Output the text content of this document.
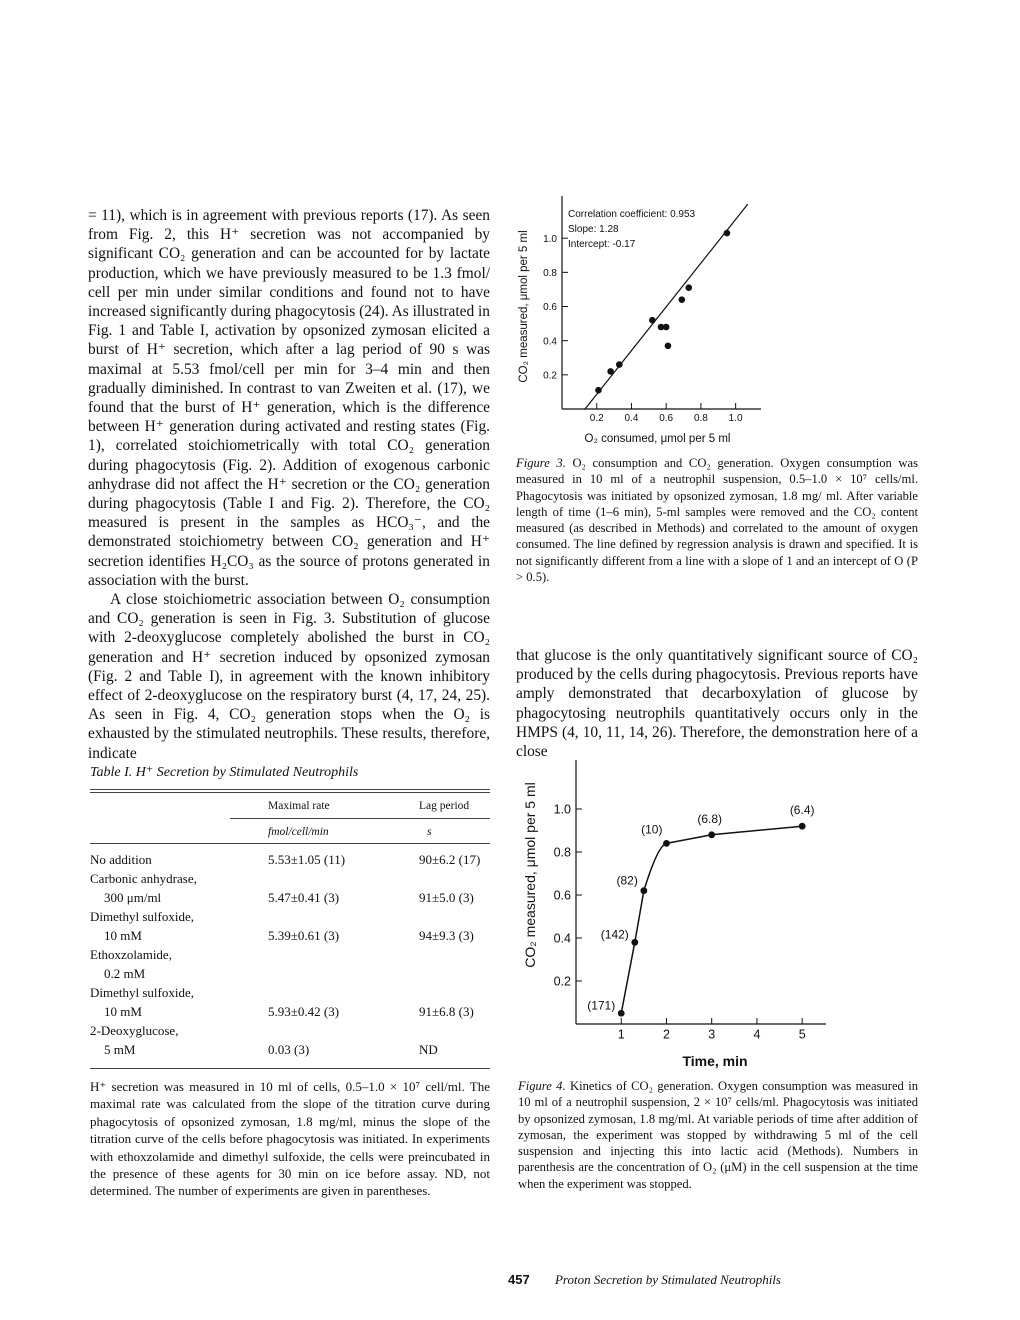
= 11), which is in agreement with previous reports (17). As seen from Fig. 2, this H⁺ secretion was not accompanied by significant CO₂ generation and can be accounted for by lactate production, which we have previously measured to be 1.3 fmol/ cell per min under similar conditions and found not to have increased significantly during phagocytosis (24). As illustrated in Fig. 1 and Table I, activation by opsonized zymosan elicited a burst of H⁺ secretion, which after a lag period of 90 s was maximal at 5.53 fmol/cell per min for 3–4 min and then gradually diminished. In contrast to van Zweiten et al. (17), we found that the burst of H⁺ generation, which is the difference between H⁺ generation during activated and resting states (Fig. 1), correlated stoichiometrically with total CO₂ generation during phagocytosis (Fig. 2). Addition of exogenous carbonic anhydrase did not affect the H⁺ secretion or the CO₂ generation during phagocytosis (Table I and Fig. 2). Therefore, the CO₂ measured is present in the samples as HCO₃⁻, and the demonstrated stoichiometry between CO₂ generation and H⁺ secretion identifies H₂CO₃ as the source of protons generated in association with the burst.

A close stoichiometric association between O₂ consumption and CO₂ generation is seen in Fig. 3. Substitution of glucose with 2-deoxyglucose completely abolished the burst in CO₂ generation and H⁺ secretion induced by opsonized zymosan (Fig. 2 and Table I), in agreement with the known inhibitory effect of 2-deoxyglucose on the respiratory burst (4, 17, 24, 25). As seen in Fig. 4, CO₂ generation stops when the O₂ is exhausted by the stimulated neutrophils. These results, therefore, indicate

0.2 0.4 0.6 0.8 1.0
0.2
0.4
0.6
0.8
1.0
CO₂ measured, μmol per 5 ml
O₂ consumed, μmol per 5 ml
Correlation coefficient: 0.953
Slope: 1.28
Intercept: -0.17
Figure 3. O₂ consumption and CO₂ generation. Oxygen consumption was measured in 10 ml of a neutrophil suspension, 0.5–1.0 × 10⁷ cells/ml. Phagocytosis was initiated by opsonized zymosan, 1.8 mg/ ml. After variable length of time (1–6 min), 5-ml samples were removed and the CO₂ content measured (as described in Methods) and correlated to the amount of oxygen consumed. The line defined by regression analysis is drawn and specified. It is not significantly different from a line with a slope of 1 and an intercept of O (P > 0.5).

that glucose is the only quantitatively significant source of CO₂ produced by the cells during phagocytosis. Previous reports have amply demonstrated that decarboxylation of glucose by phagocytosing neutrophils quantitatively occurs only in the HMPS (4, 10, 11, 14, 26). Therefore, the demonstration here of a close

Table I. H⁺ Secretion by Stimulated Neutrophils
Maximal rate	Lag period
fmol/cell/min	s
No addition	5.53±1.05 (11)	90±6.2 (17)
Carbonic anhydrase,
300 μm/ml	5.47±0.41 (3)	91±5.0 (3)
Dimethyl sulfoxide,
10 mM	5.39±0.61 (3)	94±9.3 (3)
Ethoxzolamide,
0.2 mM
Dimethyl sulfoxide,
10 mM	5.93±0.42 (3)	91±6.8 (3)
2-Deoxyglucose,
5 mM	0.03 (3)	ND
H⁺ secretion was measured in 10 ml of cells, 0.5–1.0 × 10⁷ cell/ml. The maximal rate was calculated from the slope of the titration curve during phagocytosis of opsonized zymosan, 1.8 mg/ml, minus the slope of the titration curve of the cells before phagocytosis was initiated. In experiments with ethoxzolamide and dimethyl sulfoxide, the cells were preincubated in the presence of these agents for 30 min on ice before assay. ND, not determined. The number of experiments are given in parentheses.
1	2	3	4	5
0.2
0.4
0.6
0.8
1.0
CO₂ measured, μmol per 5 ml
Time, min
(171)
(142)
(82)
(10)
(6.8)
(6.4)
Figure 4. Kinetics of CO₂ generation. Oxygen consumption was measured in 10 ml of a neutrophil suspension, 2 × 10⁷ cells/ml. Phagocytosis was initiated by opsonized zymosan, 1.8 mg/ml. At variable periods of time after addition of zymosan, the experiment was stopped by withdrawing 5 ml of the cell suspension and injecting this into lactic acid (Methods). Numbers in parenthesis are the concentration of O₂ (μM) in the cell suspension at the time when the experiment was stopped.
457 Proton Secretion by Stimulated Neutrophils
